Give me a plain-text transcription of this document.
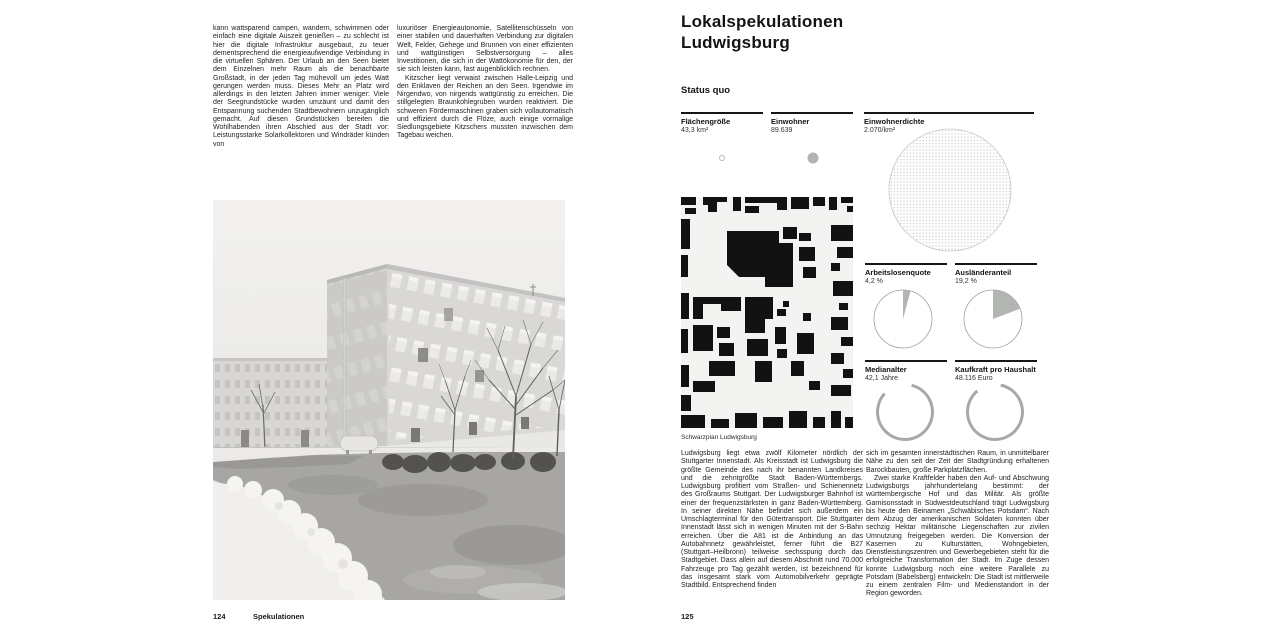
kann wattsparend campen, wandern, schwimmen oder einfach eine digitale Auszeit genießen – zu schlecht ist hier die digitale Infrastruktur ausgebaut, zu teuer dementsprechend die energieaufwendige Verbindung in die virtuellen Sphären. Der Urlaub an den Seen bietet dem Einzelnen mehr Raum als die benachbarte Großstadt, in der jeden Tag mühevoll um jedes Watt gerungen werden muss. Dieses Mehr an Platz wird allerdings in den letzten Jahren immer weniger: Viele der Seegrundstücke wurden umzäunt und damit den Entspannung suchenden Stadtbewohnern unzugänglich gemacht. Auf diesen Grundstücken bereiten die Wohlhabenden ihren Abschied aus der Stadt vor: Leistungsstarke Solarkollektoren und Windräder künden von

luxuriöser Energieautonomie, Satellitenschüsseln von einer stabilen und dauerhaften Verbindung zur digitalen Welt, Felder, Gehege und Brunnen von einer effizienten und wattgünstigen Selbstversorgung – alles Investitionen, die sich in der Wattökonomie für den, der sie sich leisten kann, fast augenblicklich rechnen.

Kitzscher liegt verwaist zwischen Halle-Leipzig und den Enklaven der Reichen an den Seen. Irgendwie im Nirgendwo, von nirgends wattgünstig zu erreichen. Die stillgelegten Braunkohlegruben wurden reaktiviert. Die schweren Fördermaschinen graben sich vollautomatisch und effizient durch die Flöze, auch einige vormalige Siedlungsgebiete Kitzschers mussten inzwischen dem Tagebau weichen.

124	Spekulationen
Lokalspekulationen
Ludwigsburg
Status quo
Flächengröße
43,3 km²
Einwohner
89.639
Einwohnerdichte
2.070/km²
Arbeitslosenquote
4,2 %
Ausländeranteil
19,2 %
Medianalter
42,1 Jahre
Kaufkraft pro Haushalt
48.116 Euro
Schwarzplan Ludwigsburg

Ludwigsburg liegt etwa zwölf Kilometer nördlich der Stuttgarter Innenstadt. Als Kreisstadt ist Ludwigsburg die größte Gemeinde des nach ihr benannten Landkreises und die zehntgrößte Stadt Baden-Württembergs. Ludwigsburg profitiert vom Straßen- und Schienennetz des Großraums Stuttgart. Der Ludwigsburger Bahnhof ist einer der frequenzstärksten in ganz Baden-Württemberg. In seiner direkten Nähe befindet sich außerdem ein Umschlagterminal für den Gütertransport. Die Stuttgarter Innenstadt lässt sich in wenigen Minuten mit der S-Bahn erreichen. Über die A81 ist die Anbindung an das Autobahnnetz gewährleistet, ferner führt die B27 (Stuttgart–Heilbronn) teilweise sechsspurig durch das Stadtgebiet. Dass allein auf diesem Abschnitt rund 70.000 Fahrzeuge pro Tag gezählt werden, ist bezeichnend für das insgesamt stark vom Automobilverkehr geprägte Stadtbild. Entsprechend finden

sich im gesamten innerstädtischen Raum, in unmittelbarer Nähe zu den seit der Zeit der Stadtgründung erhaltenen Barockbauten, große Parkplatzflächen.

Zwei starke Kraftfelder haben den Auf- und Abschwung Ludwigsburgs jahrhundertelang bestimmt: der württembergische Hof und das Militär. Als größte Garnisonsstadt in Südwestdeutschland trägt Ludwigsburg bis heute den Beinamen „Schwäbisches Potsdam“. Nach dem Abzug der amerikanischen Soldaten konnten über sechzig Hektar militärische Liegenschaften zur zivilen Umnutzung freigegeben werden. Die Konversion der Kasernen zu Kulturstätten, Wohngebieten, Dienstleistungszentren und Gewerbegebieten steht für die erfolgreiche Transformation der Stadt. Im Zuge dessen konnte Ludwigsburg noch eine weitere Parallele zu Potsdam (Babelsberg) entwickeln: Die Stadt ist mittlerweile zu einem zentralen Film- und Medienstandort in der Region geworden.

125
